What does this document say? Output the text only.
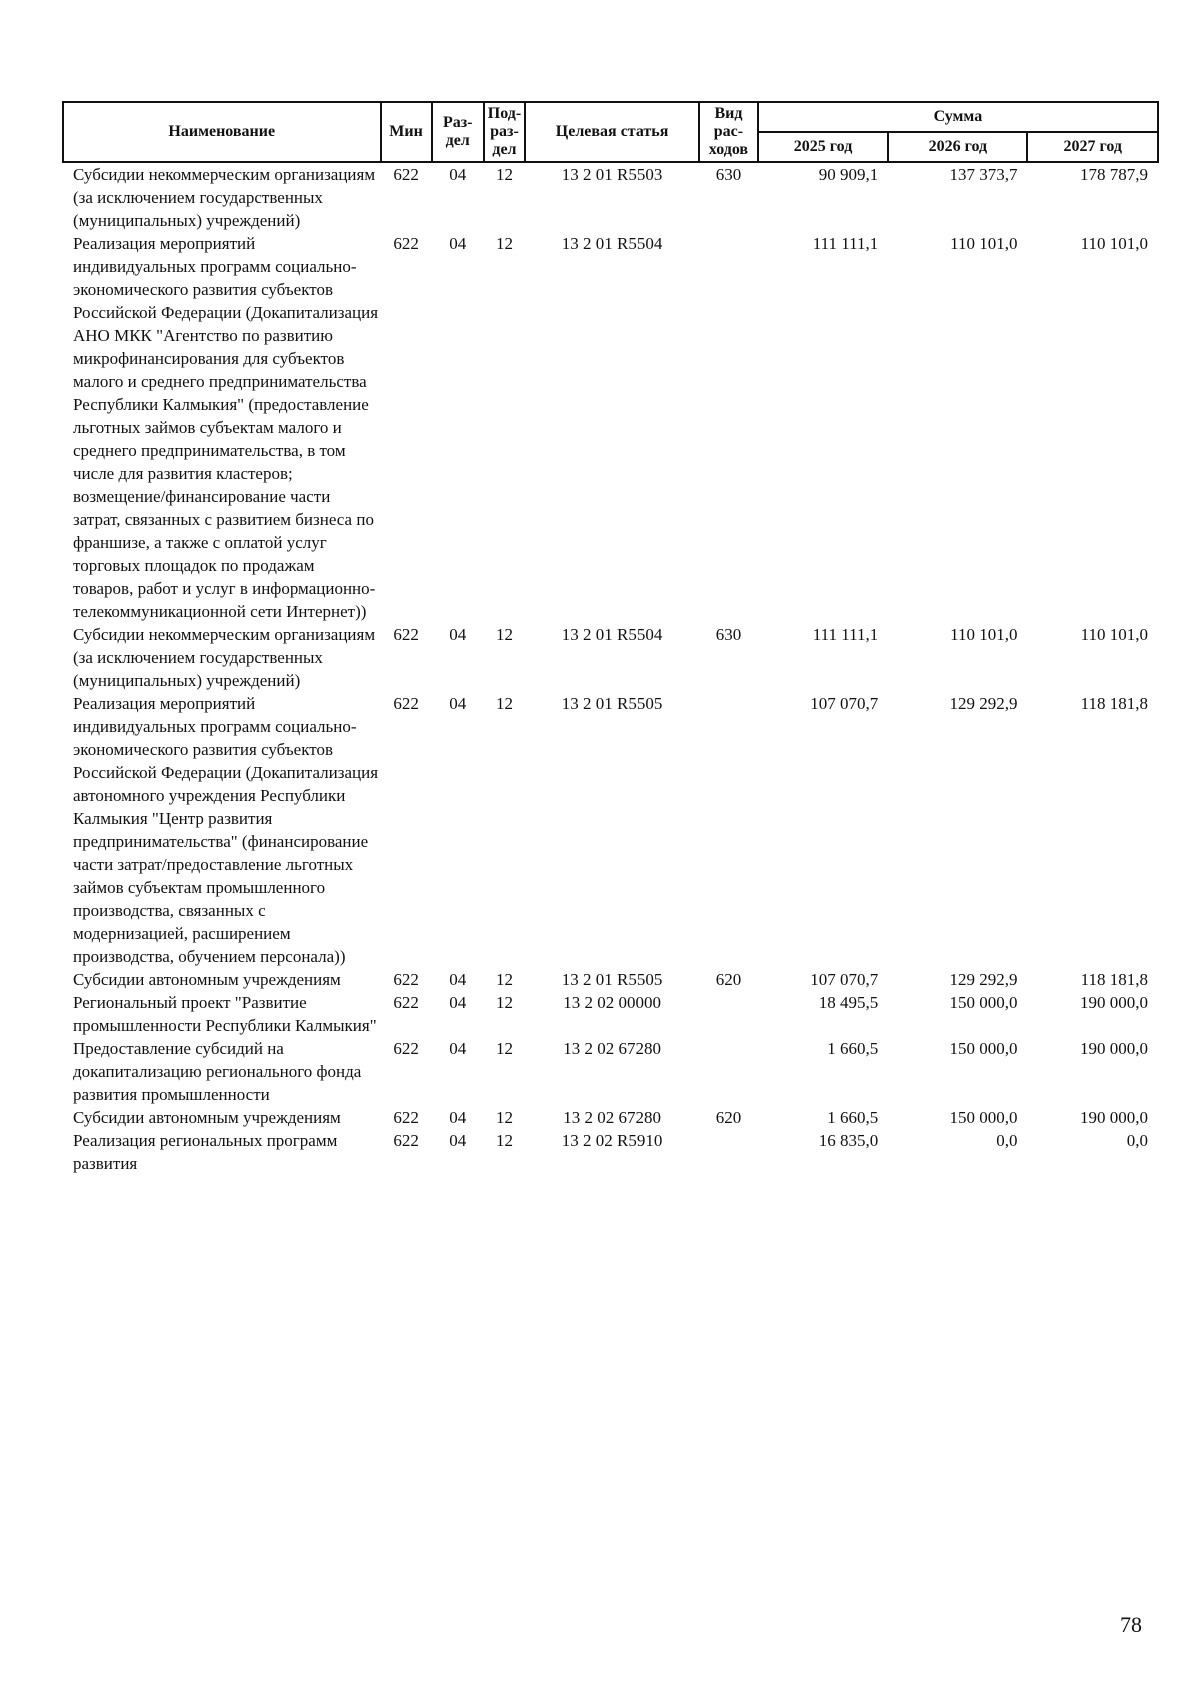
Наименование	Мин	Раз-дел	Под-раз-дел	Целевая статья	Вид рас-ходов	Сумма		
						2025 год	2026 год	2027 год
Субсидии некоммерческим организациям (за исключением государственных (муниципальных) учреждений)	622	04	12	13 2 01 R5503	630	90 909,1	137 373,7	178 787,9
Реализация мероприятий индивидуальных программ социально-экономического развития субъектов Российской Федерации (Докапитализация АНО МКК "Агентство по развитию микрофинансирования для субъектов малого и среднего предпринимательства Республики Калмыкия" (предоставление льготных займов субъектам малого и среднего предпринимательства, в том числе для развития кластеров; возмещение/финансирование части затрат, связанных с развитием бизнеса по франшизе, а также с оплатой услуг торговых площадок по продажам товаров, работ и услуг в информационно-телекоммуникационной сети Интернет))	622	04	12	13 2 01 R5504		111 111,1	110 101,0	110 101,0
Субсидии некоммерческим организациям (за исключением государственных (муниципальных) учреждений)	622	04	12	13 2 01 R5504	630	111 111,1	110 101,0	110 101,0
Реализация мероприятий индивидуальных программ социально-экономического развития субъектов Российской Федерации (Докапитализация автономного учреждения Республики Калмыкия "Центр развития предпринимательства" (финансирование части затрат/предоставление льготных займов субъектам промышленного производства, связанных с модернизацией, расширением производства, обучением персонала))	622	04	12	13 2 01 R5505		107 070,7	129 292,9	118 181,8
Субсидии автономным учреждениям	622	04	12	13 2 01 R5505	620	107 070,7	129 292,9	118 181,8
Региональный проект "Развитие промышленности Республики Калмыкия"	622	04	12	13 2 02 00000		18 495,5	150 000,0	190 000,0
Предоставление субсидий на докапитализацию регионального фонда развития промышленности	622	04	12	13 2 02 67280		1 660,5	150 000,0	190 000,0
Субсидии автономным учреждениям	622	04	12	13 2 02 67280	620	1 660,5	150 000,0	190 000,0
Реализация региональных программ развития	622	04	12	13 2 02 R5910		16 835,0	0,0	0,0
78
